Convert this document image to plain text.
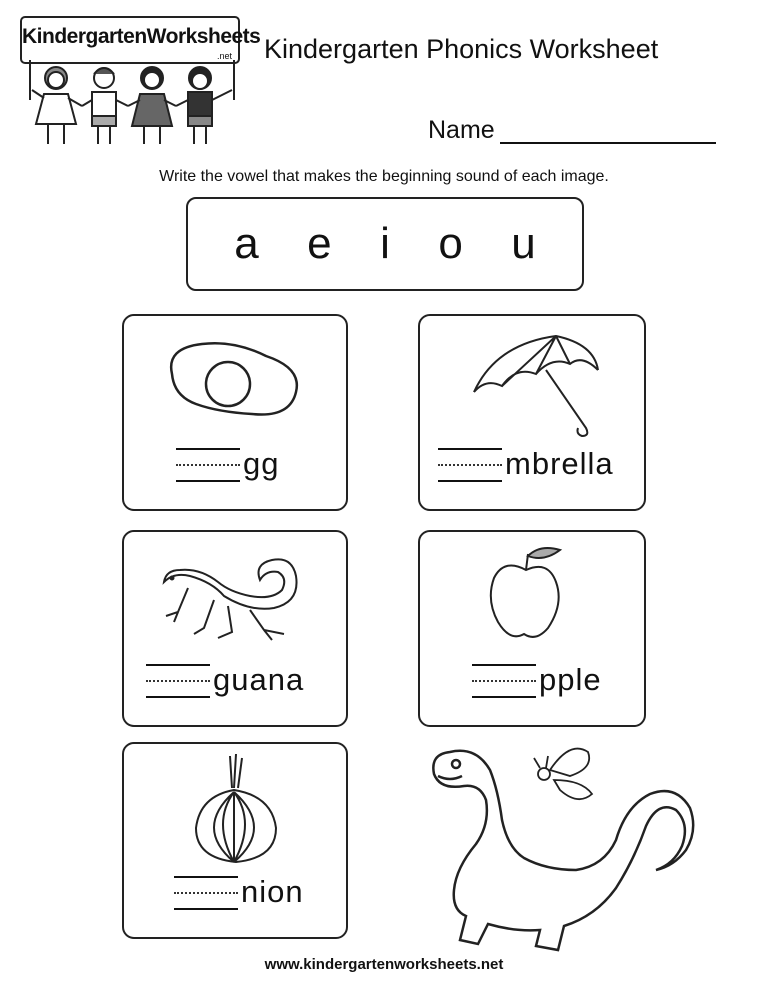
KindergartenWorksheets
.net Kindergarten Phonics Worksheet
Name
Write the vowel that makes the beginning sound of each image.
a e i o u
gg	mbrella
guana	pple
nion
www.kindergartenworksheets.net
